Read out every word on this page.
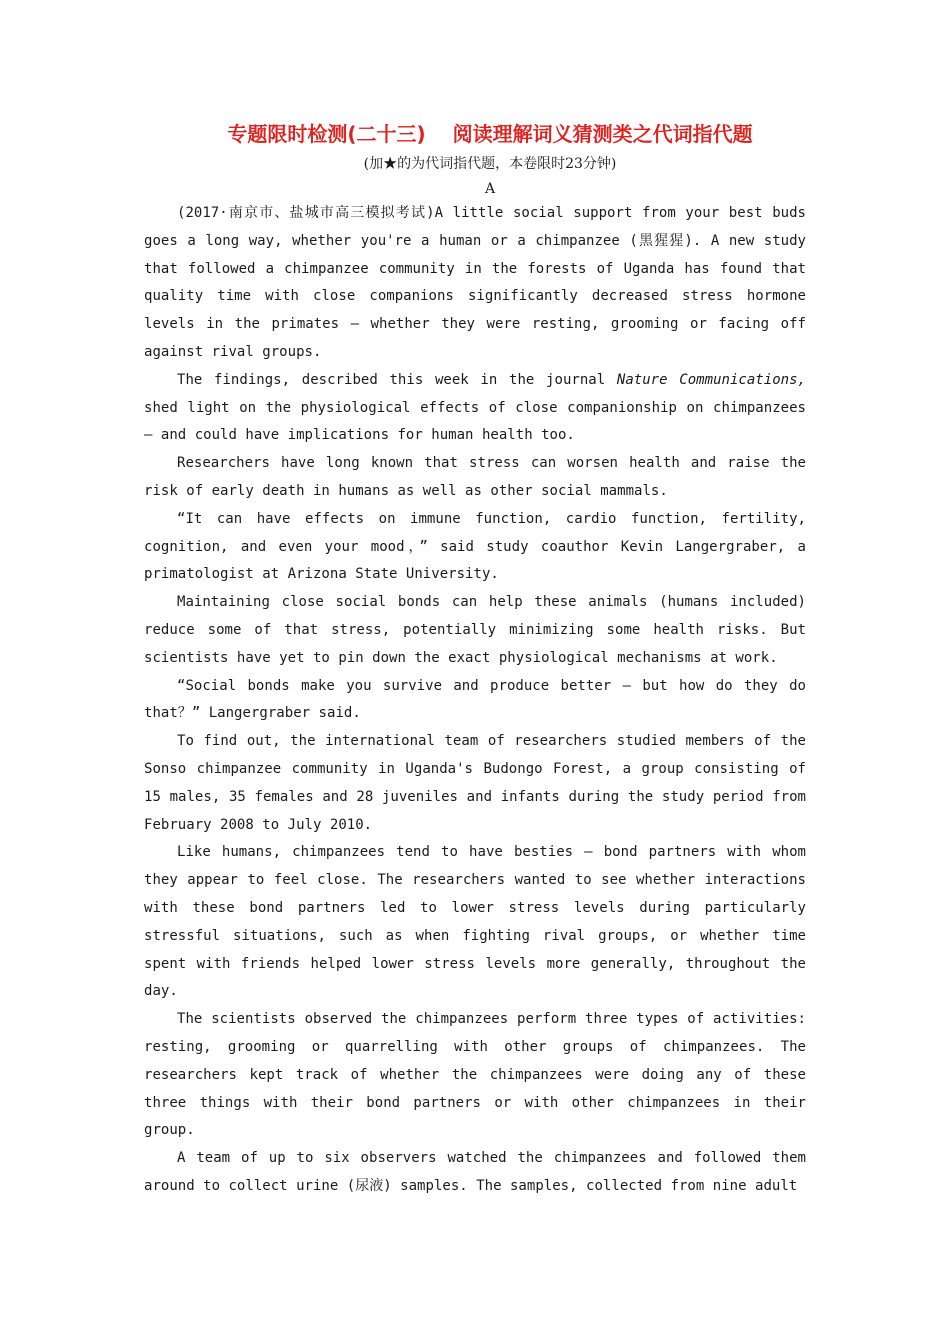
专题限时检测(二十三)　 阅读理解词义猜测类之代词指代题

(加★的为代词指代题，本卷限时23分钟)

A

(2017·南京市、盐城市高三模拟考试)A little social support from your best buds goes a long way, whether you're a human or a chimpanzee (黑猩猩). A new study that followed a chimpanzee community in the forests of Uganda has found that quality time with close companions significantly decreased stress hormone levels in the primates — whether they were resting, grooming or facing off against rival groups.

The findings, described this week in the journal Nature Communications, shed light on the physiological effects of close companionship on chimpanzees — and could have implications for human health too.

Researchers have long known that stress can worsen health and raise the risk of early death in humans as well as other social mammals.

“It can have effects on immune function, cardio function, fertility, cognition, and even your mood，” said study coauthor Kevin Langergraber, a primatologist at Arizona State University.

Maintaining close social bonds can help these animals (humans included) reduce some of that stress, potentially minimizing some health risks. But scientists have yet to pin down the exact physiological mechanisms at work.

“Social bonds make you survive and produce better — but how do they do that？” Langergraber said.

To find out, the international team of researchers studied members of the Sonso chimpanzee community in Uganda's Budongo Forest, a group consisting of 15 males, 35 females and 28 juveniles and infants during the study period from February 2008 to July 2010.

Like humans, chimpanzees tend to have besties — bond partners with whom they appear to feel close. The researchers wanted to see whether interactions with these bond partners led to lower stress levels during particularly stressful situations, such as when fighting rival groups, or whether time spent with friends helped lower stress levels more generally, throughout the day.

The scientists observed the chimpanzees perform three types of activities: resting, grooming or quarrelling with other groups of chimpanzees. The researchers kept track of whether the chimpanzees were doing any of these three things with their bond partners or with other chimpanzees in their group.

A team of up to six observers watched the chimpanzees and followed them around to collect urine (尿液) samples. The samples, collected from nine adult
